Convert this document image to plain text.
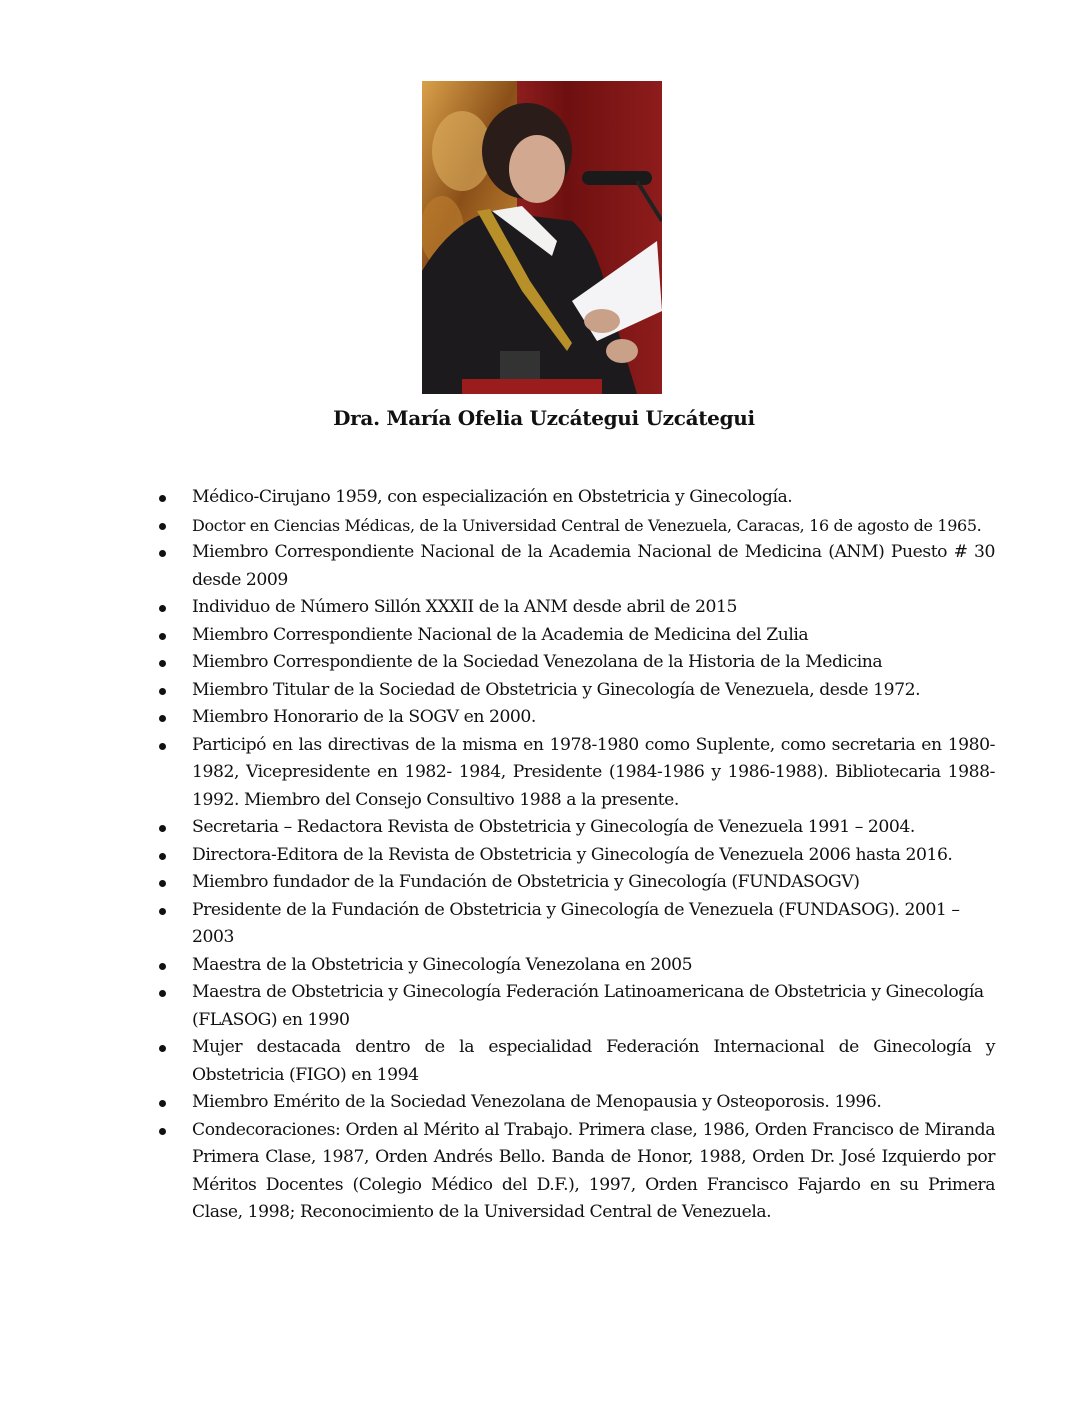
Dra. María Ofelia Uzcátegui Uzcátegui
Médico-Cirujano 1959, con especialización en Obstetricia y Ginecología.
Doctor en Ciencias Médicas, de la Universidad Central de Venezuela, Caracas, 16 de agosto de 1965.
Miembro Correspondiente Nacional de la Academia Nacional de Medicina (ANM) Puesto # 30 desde 2009
Individuo de Número Sillón XXXII de la ANM desde abril de 2015
Miembro Correspondiente Nacional de la Academia de Medicina del Zulia
Miembro Correspondiente de la Sociedad Venezolana de la Historia de la Medicina
Miembro Titular de la Sociedad de Obstetricia y Ginecología de Venezuela, desde 1972.
Miembro Honorario de la SOGV en 2000.
Participó en las directivas de la misma en 1978-1980 como Suplente, como secretaria en 1980-1982, Vicepresidente en 1982- 1984, Presidente (1984-1986 y 1986-1988). Bibliotecaria 1988-1992. Miembro del Consejo Consultivo 1988 a la presente.
Secretaria – Redactora Revista de Obstetricia y Ginecología de Venezuela 1991 – 2004.
Directora-Editora de la Revista de Obstetricia y Ginecología de Venezuela 2006 hasta 2016.
Miembro fundador de la Fundación de Obstetricia y Ginecología (FUNDASOGV)
Presidente de la Fundación de Obstetricia y Ginecología de Venezuela (FUNDASOG). 2001 – 2003
Maestra de la Obstetricia y Ginecología Venezolana en 2005
Maestra de Obstetricia y Ginecología Federación Latinoamericana de Obstetricia y Ginecología (FLASOG) en 1990
Mujer destacada dentro de la especialidad Federación Internacional de Ginecología y Obstetricia (FIGO) en 1994
Miembro Emérito de la Sociedad Venezolana de Menopausia y Osteoporosis. 1996.
Condecoraciones: Orden al Mérito al Trabajo. Primera clase, 1986, Orden Francisco de Miranda Primera Clase, 1987, Orden Andrés Bello. Banda de Honor, 1988, Orden Dr. José Izquierdo por Méritos Docentes (Colegio Médico del D.F.), 1997, Orden Francisco Fajardo en su Primera Clase, 1998; Reconocimiento de la Universidad Central de Venezuela.
